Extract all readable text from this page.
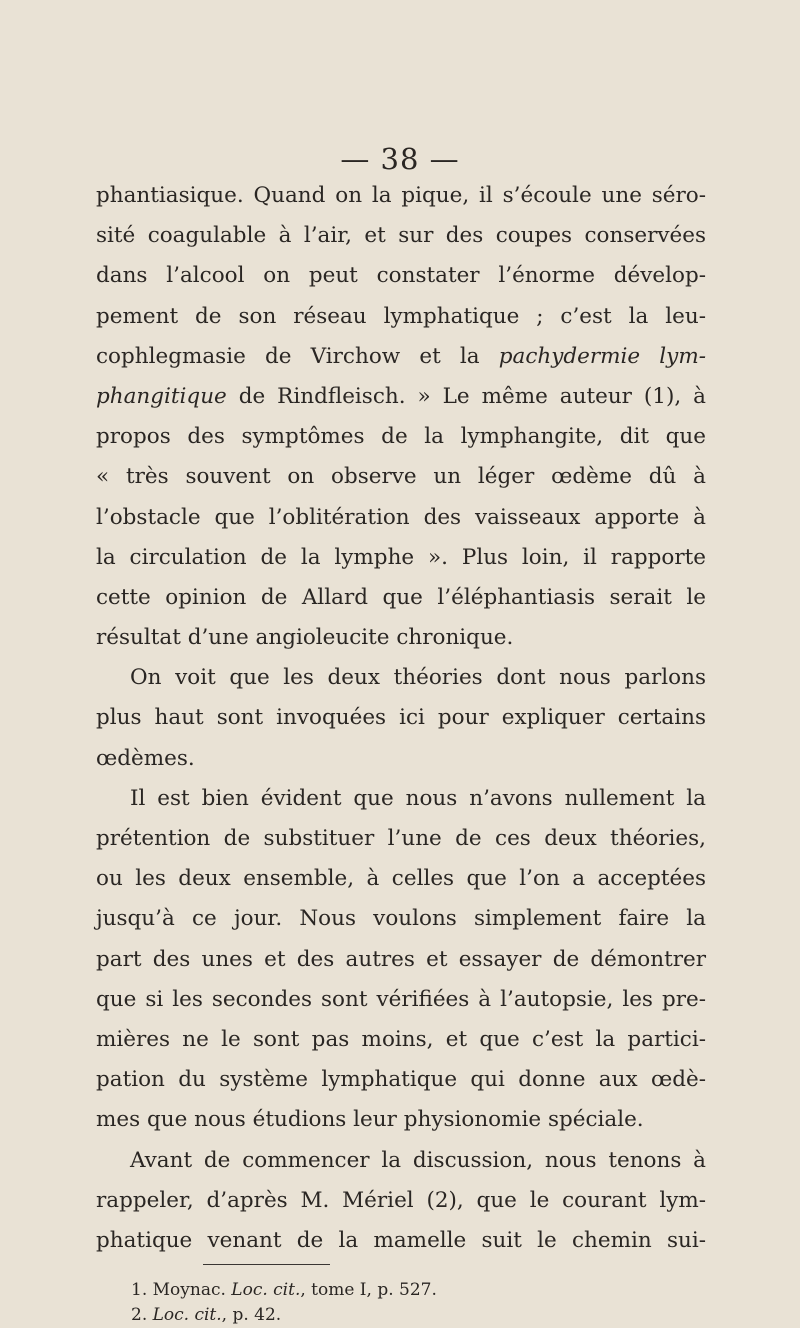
— 38 —
phantiasique. Quand on la pique, il s’écoule une séro-
sité coagulable à l’air, et sur des coupes conservées
dans l’alcool on peut constater l’énorme dévelop-
pement de son réseau lymphatique ; c’est la leu-
cophlegmasie de Virchow et la pachydermie lym-
phangitique de Rindfleisch. » Le même auteur (1), à
propos des symptômes de la lymphangite, dit que
« très souvent on observe un léger œdème dû à
l’obstacle que l’oblitération des vaisseaux apporte à
la circulation de la lymphe ». Plus loin, il rapporte
cette opinion de Allard que l’éléphantiasis serait le
résultat d’une angioleucite chronique.
On voit que les deux théories dont nous parlons
plus haut sont invoquées ici pour expliquer certains
œdèmes.
Il est bien évident que nous n’avons nullement la
prétention de substituer l’une de ces deux théories,
ou les deux ensemble, à celles que l’on a acceptées
jusqu’à ce jour. Nous voulons simplement faire la
part des unes et des autres et essayer de démontrer
que si les secondes sont vérifiées à l’autopsie, les pre-
mières ne le sont pas moins, et que c’est la partici-
pation du système lymphatique qui donne aux œdè-
mes que nous étudions leur physionomie spéciale.
Avant de commencer la discussion, nous tenons à
rappeler, d’après M. Mériel (2), que le courant lym-
phatique venant de la mamelle suit le chemin sui-
1. Moynac. Loc. cit., tome I, p. 527.
2. Loc. cit., p. 42.
